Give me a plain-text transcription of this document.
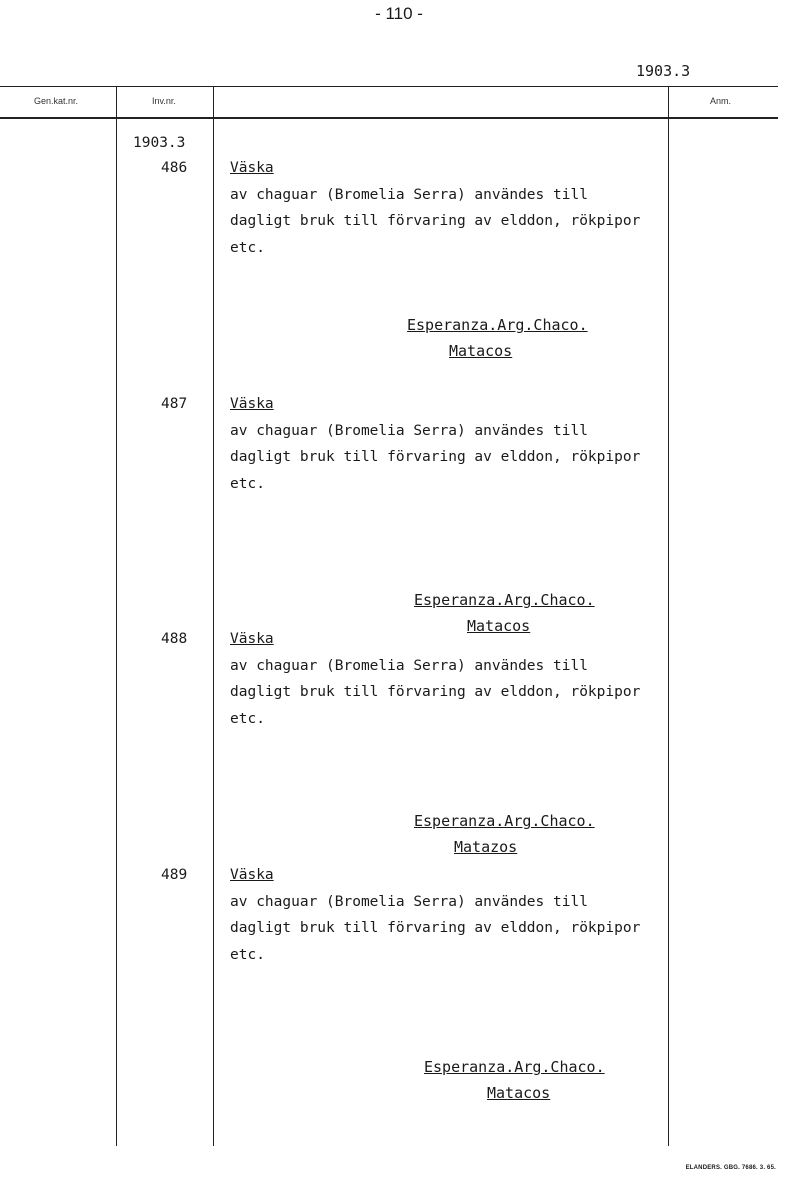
- 110 -
1903.3
Gen.kat.nr.	Inv.nr.	Anm.
1903.3
486	Väska
av chaguar (Bromelia Serra) användes till
dagligt bruk till förvaring av elddon, rökpipor
etc.
Esperanza.Arg.Chaco.
Matacos
487	Väska
av chaguar (Bromelia Serra) användes till
dagligt bruk till förvaring av elddon, rökpipor
etc.
Esperanza.Arg.Chaco.
Matacos
488	Väska
av chaguar (Bromelia Serra) användes till
dagligt bruk till förvaring av elddon, rökpipor
etc.
Esperanza.Arg.Chaco.
Matazos
489	Väska
av chaguar (Bromelia Serra) användes till
dagligt bruk till förvaring av elddon, rökpipor
etc.
Esperanza.Arg.Chaco.
Matacos
ELANDERS. GBG. 7686. 3. 65.
